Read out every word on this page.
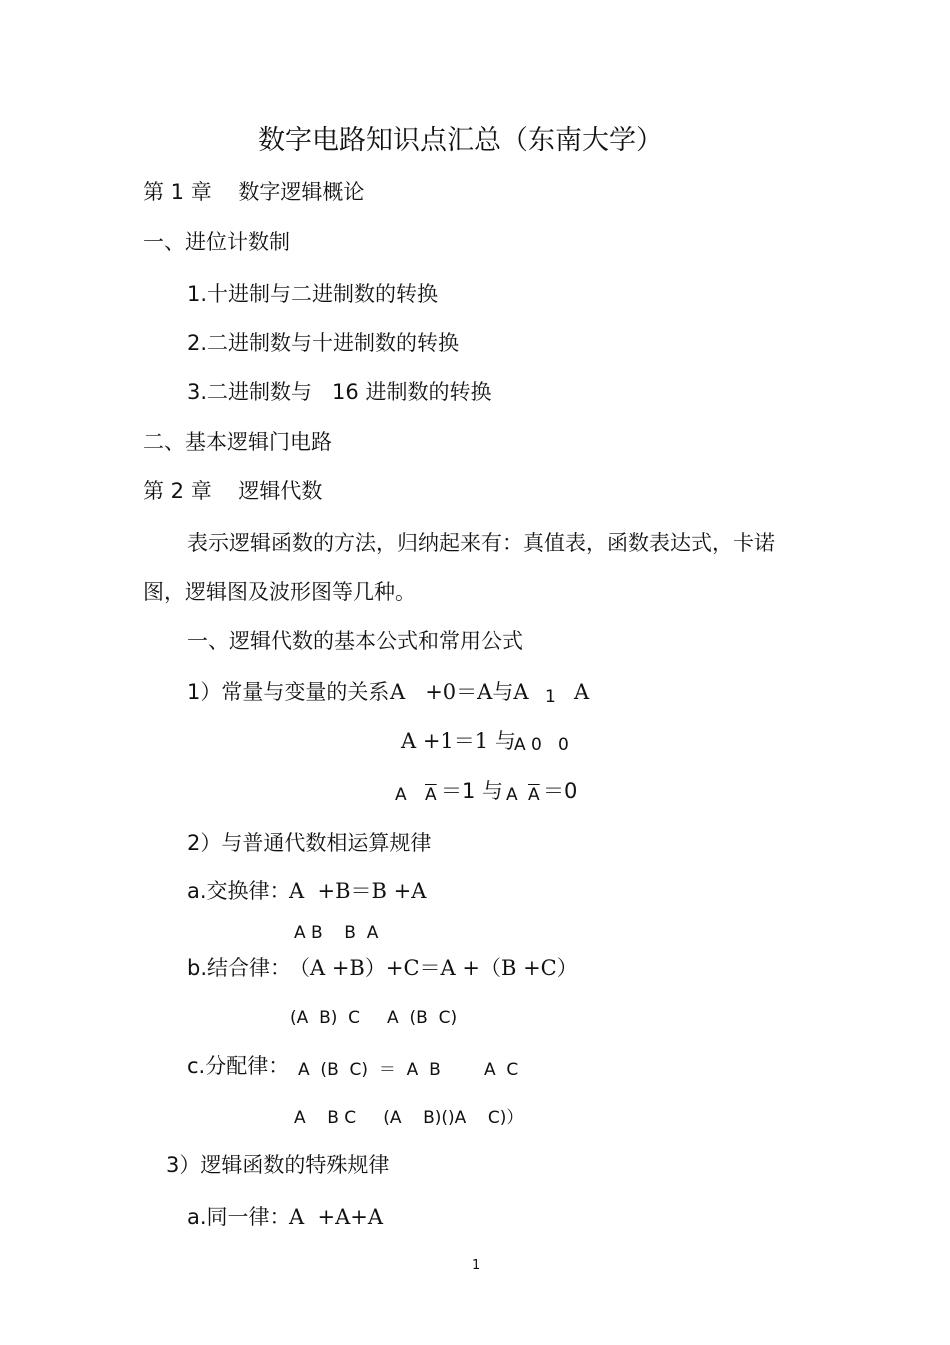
数字电路知识点汇总（东南大学）
第 1 章    数字逻辑概论
一、进位计数制
1.十进制与二进制数的转换
2.二进制数与十进制数的转换
3.二进制数与   16 进制数的转换
二、基本逻辑门电路
第 2 章    逻辑代数
表示逻辑函数的方法，归纳起来有：真值表，函数表达式，卡诺
图，逻辑图及波形图等几种。
一、逻辑代数的基本公式和常用公式
1）常量与变量的关系 A   +0＝A与A 1 A
A +1＝1 与
A 0   0
A $\overline{A} =1$ 与 A $\overline{A} =0$
2）与普通代数相运算规律
a.交换律：
A  +B＝B +A
A B    B  A
b.结合律：
（A +B）+C＝A +（B +C）
(A  B)  C     A  (B  C)
c.分配律： A  (B  C)  ＝  A  B        A  C
A    B C     (A    B)()A    C)）
3）逻辑函数的特殊规律
a.同一律：
A  +A+A
1
